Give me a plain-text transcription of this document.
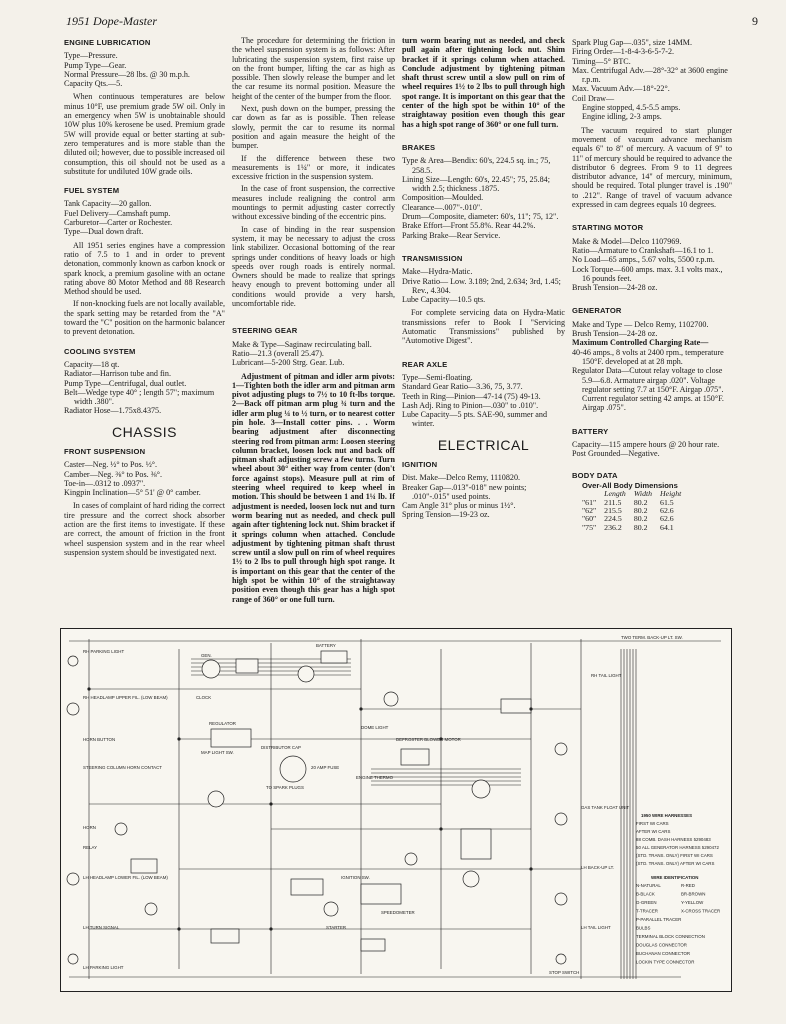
1951 Dope-Master	9
ENGINE LUBRICATION

Type—Pressure.

Pump Type—Gear.

Normal Pressure—28 lbs. @ 30 m.p.h.

Capacity Qts.—5.

When continuous temperatures are below minus 10°F, use premium grade 5W oil. Only in an emergency when 5W is unobtainable should 10W plus 10% kerosene be used. Premium grade 5W will provide equal or better starting at sub-zero temperatures and is more stable than the diluted oil; however, due to possible increased oil consumption, this oil should not be used as a substitute for undiluted 10W grade oils.

FUEL SYSTEM

Tank Capacity—20 gallon.

Fuel Delivery—Camshaft pump.

Carburetor—Carter or Rochester.

Type—Dual down draft.

All 1951 series engines have a compression ratio of 7.5 to 1 and in order to prevent detonation, commonly known as carbon knock or spark knock, a premium gasoline with an octane rating above 80 Motor Method and 88 Research Method should be used.

If non-knocking fuels are not locally available, the spark setting may be retarded from the "A" toward the "C" position on the harmonic balancer to prevent detonation.

COOLING SYSTEM

Capacity—18 qt.

Radiator—Harrison tube and fin.

Pump Type—Centrifugal, dual outlet.

Belt—Wedge type 40° ; length 57"; maximum width .380".

Radiator Hose—1.75x8.4375.

CHASSIS
FRONT SUSPENSION

Caster—Neg. ½° to Pos. ½°.

Camber—Neg. ⅜° to Pos. ⅜°.

Toe-in—.0312 to .0937".

Kingpin Inclination—5° 51' @ 0° camber.

In cases of complaint of hard riding the correct tire pressure and the correct shock absorber action are the first items to investigate. If these are correct, the amount of friction in the front wheel suspension system and in the rear wheel suspension system should be investigated next.

The procedure for determining the friction in the wheel suspension system is as follows: After lubricating the suspension system, first raise up on the front bumper, lifting the car as high as possible. Then slowly release the bumper and let the car resume its normal position. Measure the height of the center of the bumper from the floor.

Next, push down on the bumper, pressing the car down as far as is possible. Then release slowly, permit the car to resume its normal position and again measure the height of the bumper.

If the difference between these two measurements is 1¼" or more, it indicates excessive friction in the suspension system.

In the case of front suspension, the corrective measures include realigning the control arm mountings to permit adjusting caster correctly without excessive binding of the eccentric pins.

In case of binding in the rear suspension system, it may be necessary to adjust the cross link stabilizer. Occasional bottoming of the rear springs under conditions of heavy loads or high speeds over rough roads is entirely normal. Owners should be made to realize that springs heavy enough to prevent bottoming under all conditions would provide a very harsh, uncomfortable ride.

STEERING GEAR

Make & Type—Saginaw recirculating ball.

Ratio—21.3 (overall 25.47).

Lubricant—5-200 Strg. Gear. Lub.

Adjustment of pitman and idler arm pivots: 1—Tighten both the idler arm and pitman arm pivot adjusting plugs to 7½ to 10 ft-lbs torque. 2—Back off pitman arm plug ¾ turn and the idler arm plug ¼ to ½ turn, or to nearest cotter pin hole. 3—Install cotter pins. . . Worm bearing adjustment after disconnecting steering rod from pitman arm: Loosen steering column bracket, loosen lock nut and back off pitman shaft adjusting screw a few turns. Turn wheel about 30° either way from center (don't force against stops). Measure pull at rim of steering wheel required to keep wheel in motion. This should be between 1 and 1¼ lb. If adjustment is needed, loosen lock nut and turn worm bearing nut as needed, and check pull again after tightening lock nut. Shim bracket if it springs column when attached. Conclude adjustment by tightening pitman shaft thrust screw until a slow pull on rim of wheel requires 1½ to 2 lbs to pull through high spot range. It is important on this gear that the center of the high spot be within 10° of the straightaway position even though this gear has a high spot range of 360° or one full turn.

turn worm bearing nut as needed, and check pull again after tightening lock nut. Shim bracket if it springs column when attached. Conclude adjustment by tightening pitman shaft thrust screw until a slow pull on rim of wheel requires 1½ to 2 lbs to pull through high spot range. It is important on this gear that the center of the high spot be within 10° of the straightaway position even though this gear has a high spot range of 360° or one full turn.

BRAKES

Type & Area—Bendix: 60's, 224.5 sq. in.; 75, 258.5.

Lining Size—Length: 60's, 22.45"; 75, 25.84; width 2.5; thickness .1875.

Composition—Moulded.

Clearance—.007"-.010".

Drum—Composite, diameter: 60's, 11"; 75, 12".

Brake Effort—Front 55.8%. Rear 44.2%.

Parking Brake—Rear Service.

TRANSMISSION

Make—Hydra-Matic.

Drive Ratio— Low. 3.189; 2nd, 2.634; 3rd, 1.45; Rev., 4.304.

Lube Capacity—10.5 qts.

For complete servicing data on Hydra-Matic transmissions refer to Book I "Servicing Automatic Transmissions" published by "Automotive Digest".

REAR AXLE

Type—Semi-floating.

Standard Gear Ratio—3.36, 75, 3.77.

Teeth in Ring—Pinion—47-14 (75) 49-13.

Lash Adj. Ring to Pinion—.030" to .010".

Lube Capacity—5 pts. SAE-90, summer and winter.

ELECTRICAL
IGNITION

Dist. Make—Delco Remy, 1110820.

Breaker Gap—.013"-018" new points; .010"-.015" used points.

Cam Angle 31° plus or minus 1½°.

Spring Tension—19-23 oz.

Spark Plug Gap—.035", size 14MM.

Firing Order—1-8-4-3-6-5-7-2.

Timing—5° BTC.

Max. Centrifugal Adv.—28°-32° at 3600 engine r.p.m.

Max. Vacuum Adv.—18°-22°.

Coil Draw—

Engine stopped, 4.5-5.5 amps.

Engine idling, 2-3 amps.

The vacuum required to start plunger movement of vacuum advance mechanism equals 6" to 8" of mercury. A vacuum of 9" to 11" of mercury should be required to advance the distributor 6 degrees. From 9 to 11 degrees distributor advance, 14" of mercury, minimum, should be required. Total plunger travel is .190" to .212". Range of travel of vacuum advance expressed in cam degrees equals 10 degrees.

STARTING MOTOR

Make & Model—Delco 1107969.

Ratio—Armature to Crankshaft—16.1 to 1.

No Load—65 amps., 5.67 volts, 5500 r.p.m.

Lock Torque—600 amps. max. 3.1 volts max., 16 pounds feet.

Brush Tension—24-28 oz.

GENERATOR

Make and Type — Delco Remy, 1102700.

Brush Tension—24-28 oz.

Maximum Controlled Charging Rate—

40-46 amps., 8 volts at 2400 rpm., temperature 150°F. developed at at 28 mph.

Regulator Data—Cutout relay voltage to close 5.9—6.8. Armature airgap .020". Voltage regulator setting 7.7 at 150°F. Airgap .075". Current regulator setting 42 amps. at 150°F. Airgap .075".

BATTERY

Capacity—115 ampere hours @ 20 hour rate.

Post Grounded—Negative.

BODY DATA
Over-All Body Dimensions
	Length	Width	Height
"61"	211.5	80.2	61.5
"62"	215.5	80.2	62.6
"60"	224.5	80.2	62.6
"75"	236.2	80.2	64.1
RH PARKING LIGHT
RH HEADLAMP UPPER FIL. (LOW BEAM)
HORN BUTTON
STEERING COLUMN HORN CONTACT
HORN
RELAY
LH HEADLAMP LOWER FIL. (LOW BEAM)
LH TURN SIGNAL
LH PARKING LIGHT
GEN.
BATTERY
REGULATOR
CLOCK
MAP LIGHT SW.
DISTRIBUTOR CAP
TO SPARK PLUGS
20 AMP FUSE
ENGINE THERMO
DEFROSTER BLOWER MOTOR
IGNITION SW.
STARTER
DOME LIGHT
SPEEDOMETER
TWO TERM. BACK-UP LT. SW.
RH TAIL LIGHT
GAS TANK FLOAT UNIT
LH BACK-UP LT.
LH TAIL LIGHT
STOP SWITCH
1950 WIRE HARNESSES
FIRST WI CARS
AFTER WI CARS
88 COMB. DASH HARNESS 5290483
50 ALL GENERATOR HARNESS 5290472
(STD. TRANS. ONLY) FIRST WI CARS
(STD. TRANS. ONLY) AFTER WI CARS
WIRE IDENTIFICATION
N-NATURAL	R-RED
B-BLACK	BR-BROWN
G-GREEN	Y-YELLOW
T-TRACER	X-CROSS TRACER
P-PARALLEL TRACER
BULBS
TERMINAL BLOCK CONNECTION
DOUGLAS CONNECTOR
BUCHANAN CONNECTOR
LOCKIN TYPE CONNECTOR
